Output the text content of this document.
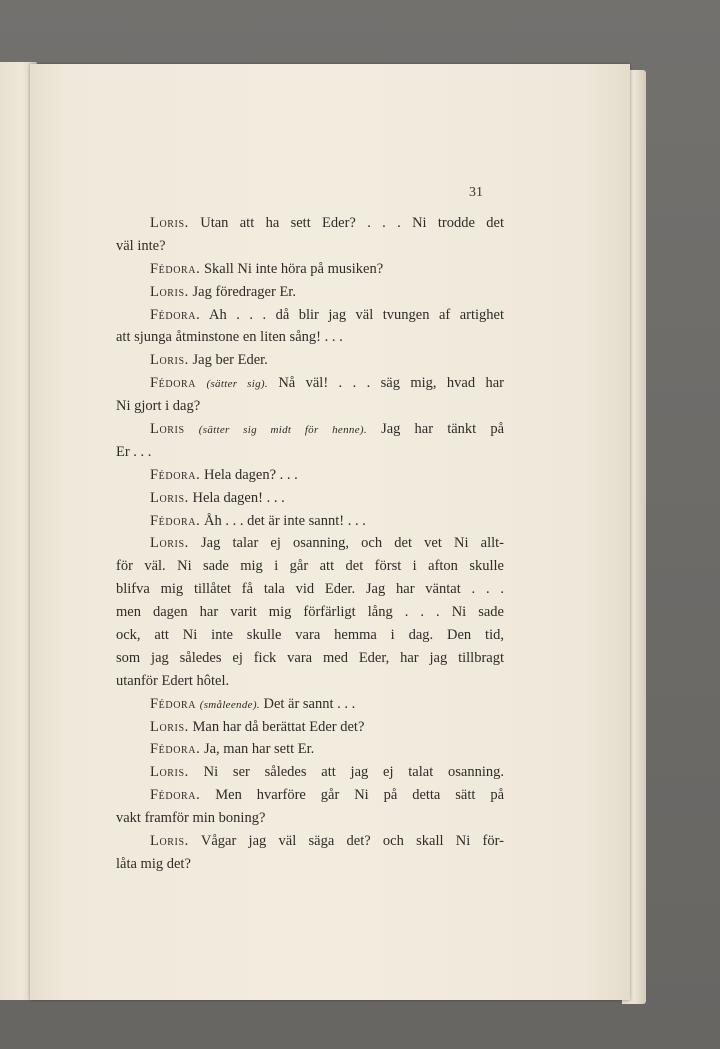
31
Loris. Utan att ha sett Eder? . . . Ni trodde det
väl inte?
Fédora. Skall Ni inte höra på musiken?
Loris. Jag föredrager Er.
Fédora. Ah . . . då blir jag väl tvungen af artighet
att sjunga åtminstone en liten sång! . . .
Loris. Jag ber Eder.
Fédora (sätter sig). Nå väl! . . . säg mig, hvad har
Ni gjort i dag?
Loris (sätter sig midt för henne). Jag har tänkt på
Er . . .
Fédora. Hela dagen? . . .
Loris. Hela dagen! . . .
Fédora. Åh . . . det är inte sannt! . . .
Loris. Jag talar ej osanning, och det vet Ni allt-
för väl. Ni sade mig i går att det först i afton skulle
blifva mig tillåtet få tala vid Eder. Jag har väntat . . .
men dagen har varit mig förfärligt lång . . . Ni sade
ock, att Ni inte skulle vara hemma i dag. Den tid,
som jag således ej fick vara med Eder, har jag tillbragt
utanför Edert hôtel.
Fédora (smålеende). Det är sannt . . .
Loris. Man har då berättat Eder det?
Fédora. Ja, man har sett Er.
Loris. Ni ser således att jag ej talat osanning.
Fédora. Men hvarföre går Ni på detta sätt på
vakt framför min boning?
Loris. Vågar jag väl säga det? och skall Ni för-
låta mig det?
